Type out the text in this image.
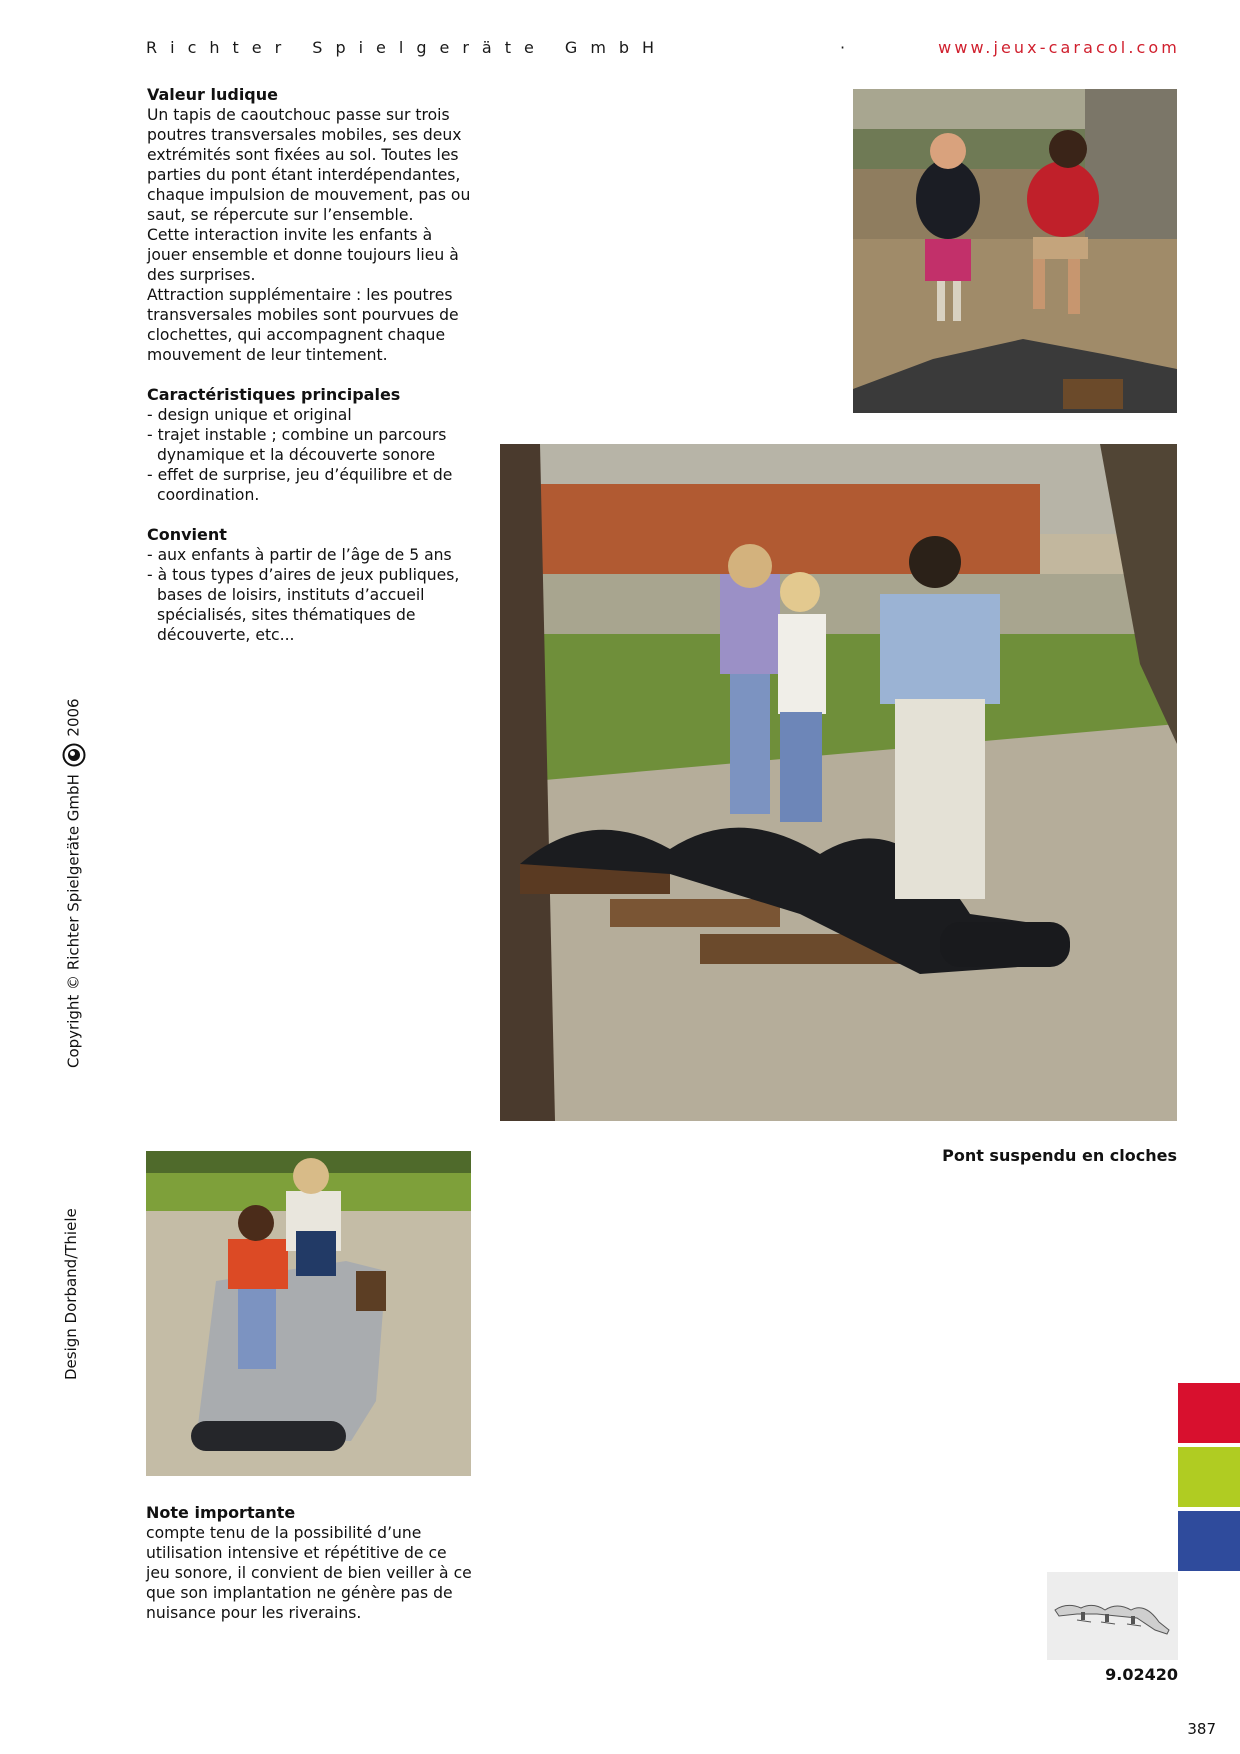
Richter Spielgeräte GmbH	·	www.jeux-caracol.com
Valeur ludique

Un tapis de caoutchouc passe sur trois
poutres transversales mobiles, ses deux
extrémités sont fixées au sol. Toutes les
parties du pont étant interdépendantes,
chaque impulsion de mouvement, pas ou
saut, se répercute sur l’ensemble.
Cette interaction invite les enfants à
jouer ensemble et donne toujours lieu à
des surprises.
Attraction supplémentaire : les poutres
transversales mobiles sont pourvues de
clochettes, qui accompagnent chaque
mouvement de leur tintement.

Caractéristiques principales
- design unique et original
- trajet instable ; combine un parcours dynamique et la découverte sonore
- effet de surprise, jeu d’équilibre et de coordination.
Convient
- aux enfants à partir de l’âge de 5 ans
- à tous types d’aires de jeux publiques, bases de loisirs, instituts d’accueil spécialisés, sites thématiques de découverte, etc...
Pont suspendu en cloches
Note importante

compte tenu de la possibilité d’une
utilisation intensive et répétitive de ce
jeu sonore, il convient de bien veiller à ce
que son implantation ne génère pas de
nuisance pour les riverains.

Copyright © Richter Spielgeräte GmbH  2006
Design Dorband/Thiele
9.02420
387
